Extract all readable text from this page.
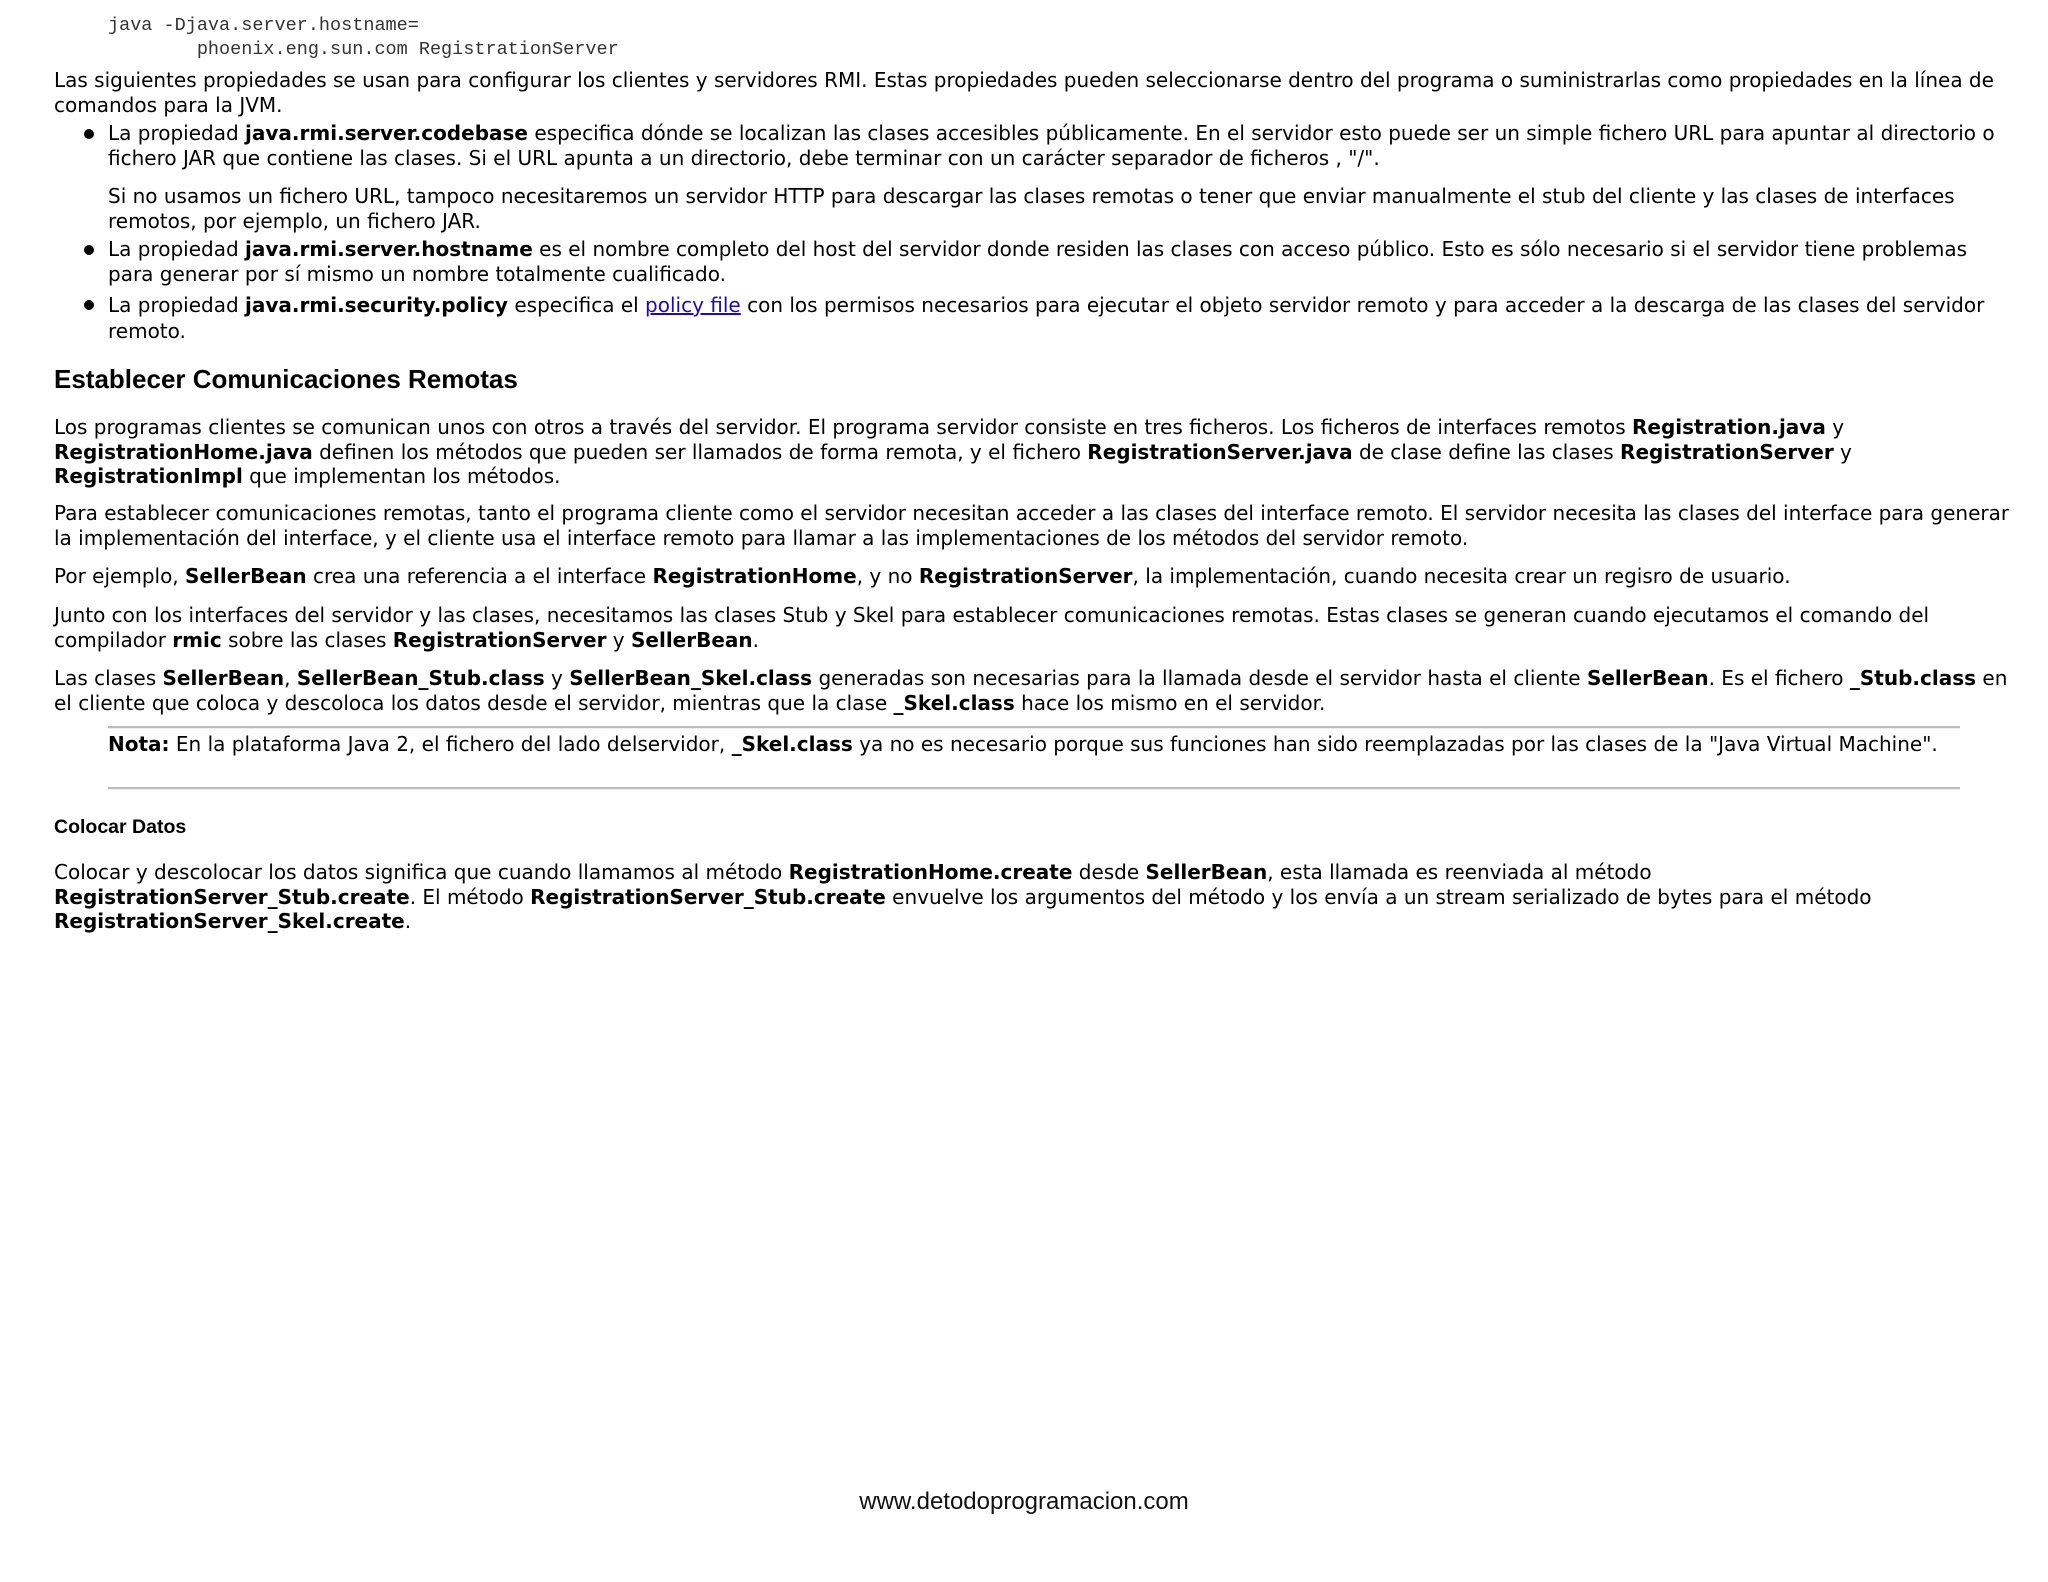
java -Djava.server.hostname=
phoenix.eng.sun.com RegistrationServer

Las siguientes propiedades se usan para configurar los clientes y servidores RMI. Estas propiedades pueden seleccionarse dentro del programa o suministrarlas como propiedades en la línea de comandos para la JVM.

La propiedad java.rmi.server.codebase especifica dónde se localizan las clases accesibles públicamente. En el servidor esto puede ser un simple fichero URL para apuntar al directorio o fichero JAR que contiene las clases. Si el URL apunta a un directorio, debe terminar con un carácter separador de ficheros , "/".

Si no usamos un fichero URL, tampoco necesitaremos un servidor HTTP para descargar las clases remotas o tener que enviar manualmente el stub del cliente y las clases de interfaces remotos, por ejemplo, un fichero JAR.

La propiedad java.rmi.server.hostname es el nombre completo del host del servidor donde residen las clases con acceso público. Esto es sólo necesario si el servidor tiene problemas para generar por sí mismo un nombre totalmente cualificado.

La propiedad java.rmi.security.policy especifica el policy file con los permisos necesarios para ejecutar el objeto servidor remoto y para acceder a la descarga de las clases del servidor remoto.

Establecer Comunicaciones Remotas

Los programas clientes se comunican unos con otros a través del servidor. El programa servidor consiste en tres ficheros. Los ficheros de interfaces remotos Registration.java y RegistrationHome.java definen los métodos que pueden ser llamados de forma remota, y el fichero RegistrationServer.java de clase define las clases RegistrationServer y RegistrationImpl que implementan los métodos.

Para establecer comunicaciones remotas, tanto el programa cliente como el servidor necesitan acceder a las clases del interface remoto. El servidor necesita las clases del interface para generar la implementación del interface, y el cliente usa el interface remoto para llamar a las implementaciones de los métodos del servidor remoto.

Por ejemplo, SellerBean crea una referencia a el interface RegistrationHome, y no RegistrationServer, la implementación, cuando necesita crear un regisro de usuario.

Junto con los interfaces del servidor y las clases, necesitamos las clases Stub y Skel para establecer comunicaciones remotas. Estas clases se generan cuando ejecutamos el comando del compilador rmic sobre las clases RegistrationServer y SellerBean.

Las clases SellerBean, SellerBean_Stub.class y SellerBean_Skel.class generadas son necesarias para la llamada desde el servidor hasta el cliente SellerBean. Es el fichero _Stub.class en el cliente que coloca y descoloca los datos desde el servidor, mientras que la clase _Skel.class hace los mismo en el servidor.

Nota: En la plataforma Java 2, el fichero del lado delservidor, _Skel.class ya no es necesario porque sus funciones han sido reemplazadas por las clases de la "Java Virtual Machine".

Colocar Datos

Colocar y descolocar los datos significa que cuando llamamos al método RegistrationHome.create desde SellerBean, esta llamada es reenviada al método RegistrationServer_Stub.create. El método RegistrationServer_Stub.create envuelve los argumentos del método y los envía a un stream serializado de bytes para el método RegistrationServer_Skel.create.

www.detodoprogramacion.com
